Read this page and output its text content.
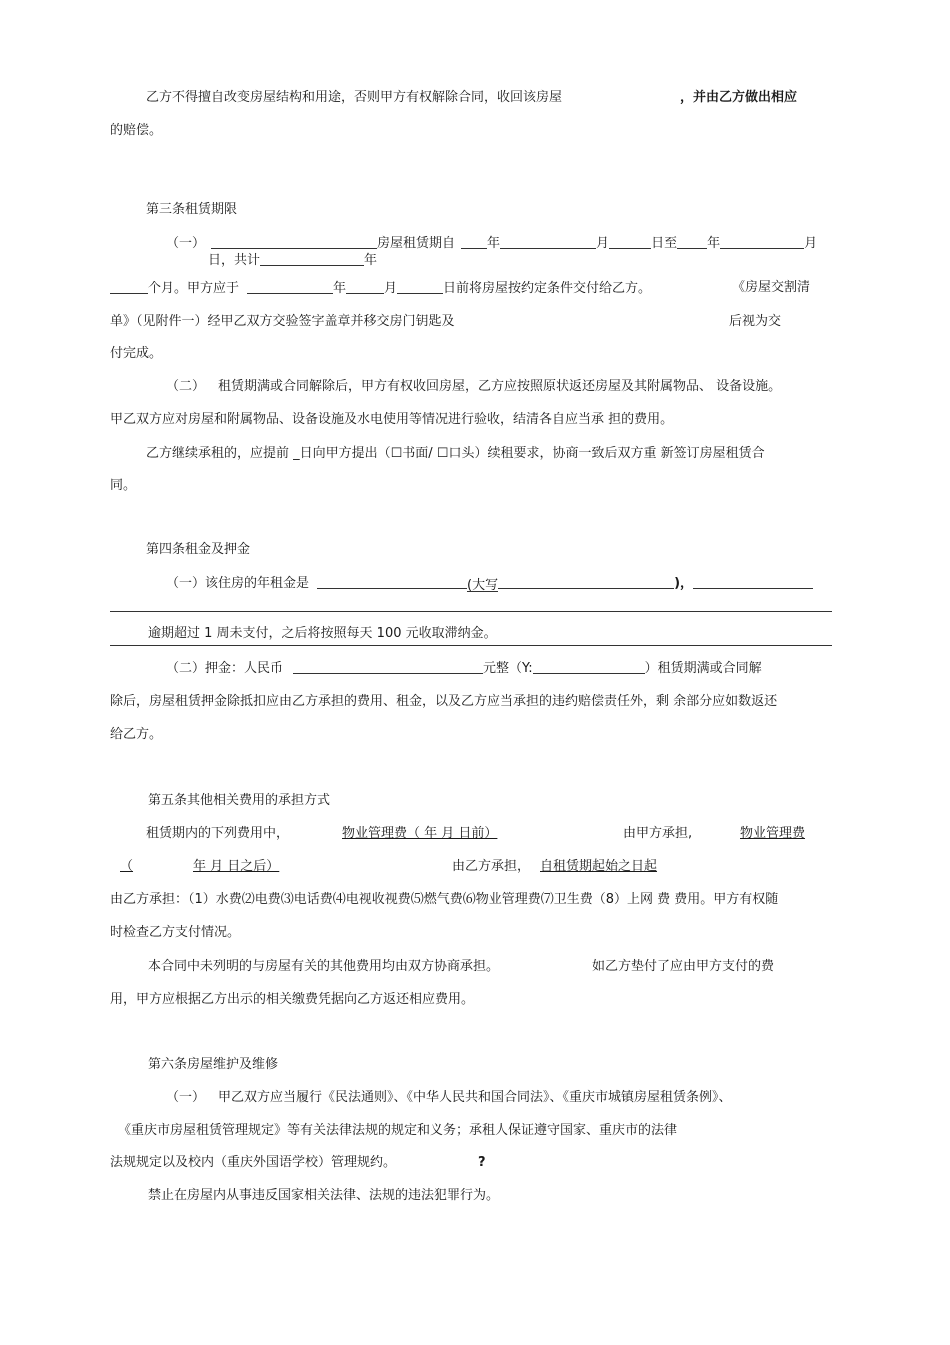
乙方不得擅自改变房屋结构和用途，否则甲方有权解除合同，收回该房屋	，并由乙方做出相应
的赔偿。
第三条租赁期限
（一）	房屋租赁期自 年	月	日至 年	月
日，共计	年
个月。甲方应于	年	月	日前将房屋按约定条件交付给乙方。	《房屋交割清
单》（见附件一）经甲乙双方交验签字盖章并移交房门钥匙及	后视为交
付完成。
（二） 租赁期满或合同解除后，甲方有权收回房屋，乙方应按照原状返还房屋及其附属物品、 设备设施。
甲乙双方应对房屋和附属物品、设备设施及水电使用等情况进行验收，结清各自应当承 担的费用。
乙方继续承租的，应提前 _日向甲方提出（☐书面/ ☐口头）续租要求，协商一致后双方重 新签订房屋租赁合
同。
第四条租金及押金
（一）该住房的年租金是	(大写	)，
逾期超过 1 周未支付，之后将按照每天 100 元收取滞纳金。
（二）押金：人民币	元整（Y:	）租赁期满或合同解
除后，房屋租赁押金除抵扣应由乙方承担的费用、租金，以及乙方应当承担的违约赔偿责任外，剩 余部分应如数返还
给乙方。
第五条其他相关费用的承担方式
租赁期内的下列费用中，	物业管理费（ 年 月 日前）	由甲方承担,	物业管理费
（	年 月 日之后）	由乙方承担， 自租赁期起始之日起
由乙方承担：（1）水费⑵电费⑶电话费⑷电视收视费⑸燃气费⑹物业管理费⑺卫生费（8）上网 费 费用。甲方有权随
时检查乙方支付情况。
本合同中未列明的与房屋有关的其他费用均由双方协商承担。	如乙方垫付了应由甲方支付的费
用，甲方应根据乙方出示的相关缴费凭据向乙方返还相应费用。
第六条房屋维护及维修
（一） 甲乙双方应当履行《民法通则》、《中华人民共和国合同法》、《重庆市城镇房屋租赁条例》、
《重庆市房屋租赁管理规定》等有关法律法规的规定和义务；承租人保证遵守国家、重庆市的法律
法规规定以及校内（重庆外国语学校）管理规约。	?
禁止在房屋内从事违反国家相关法律、法规的违法犯罪行为。
